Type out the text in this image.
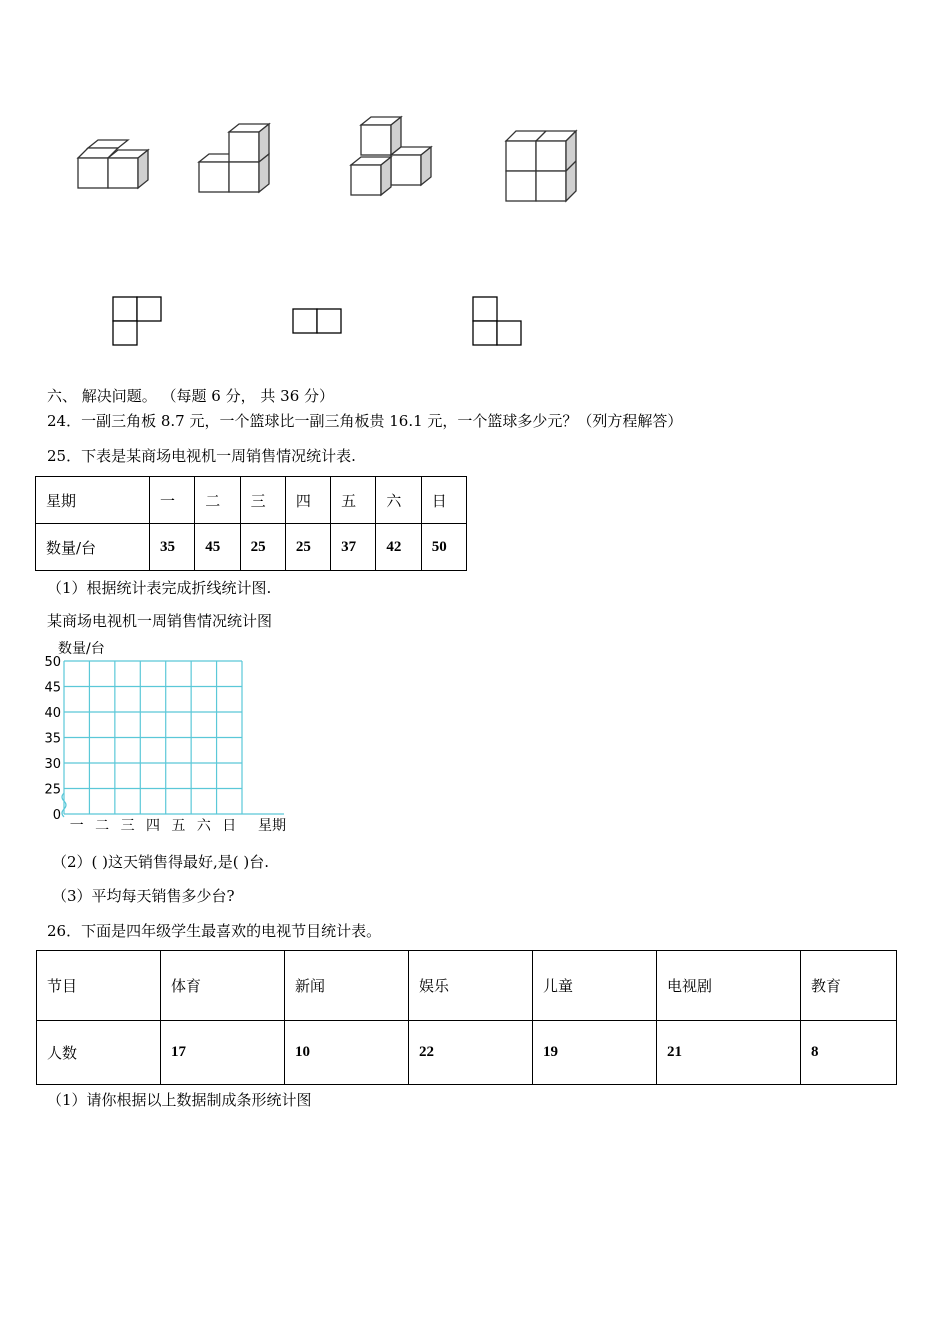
六、 解决问题。 （每题 6 分， 共 36 分）
24．一副三角板 8.7 元，一个篮球比一副三角板贵 16.1 元，一个篮球多少元？（列方程解答）
25．下表是某商场电视机一周销售情况统计表.
星期	一	二	三	四	五	六	日
数量/台	35	45	25	25	37	42	50
（1）根据统计表完成折线统计图.
某商场电视机一周销售情况统计图
数量/台
50
45
40
35
30
25
0
一 二 三 四 五 六 日 星期
（2）( )这天销售得最好,是( )台.
（3）平均每天销售多少台?
26．下面是四年级学生最喜欢的电视节目统计表。
节目	体育	新闻	娱乐	儿童	电视剧	教育
人数	17	10	22	19	21	8
（1）请你根据以上数据制成条形统计图
